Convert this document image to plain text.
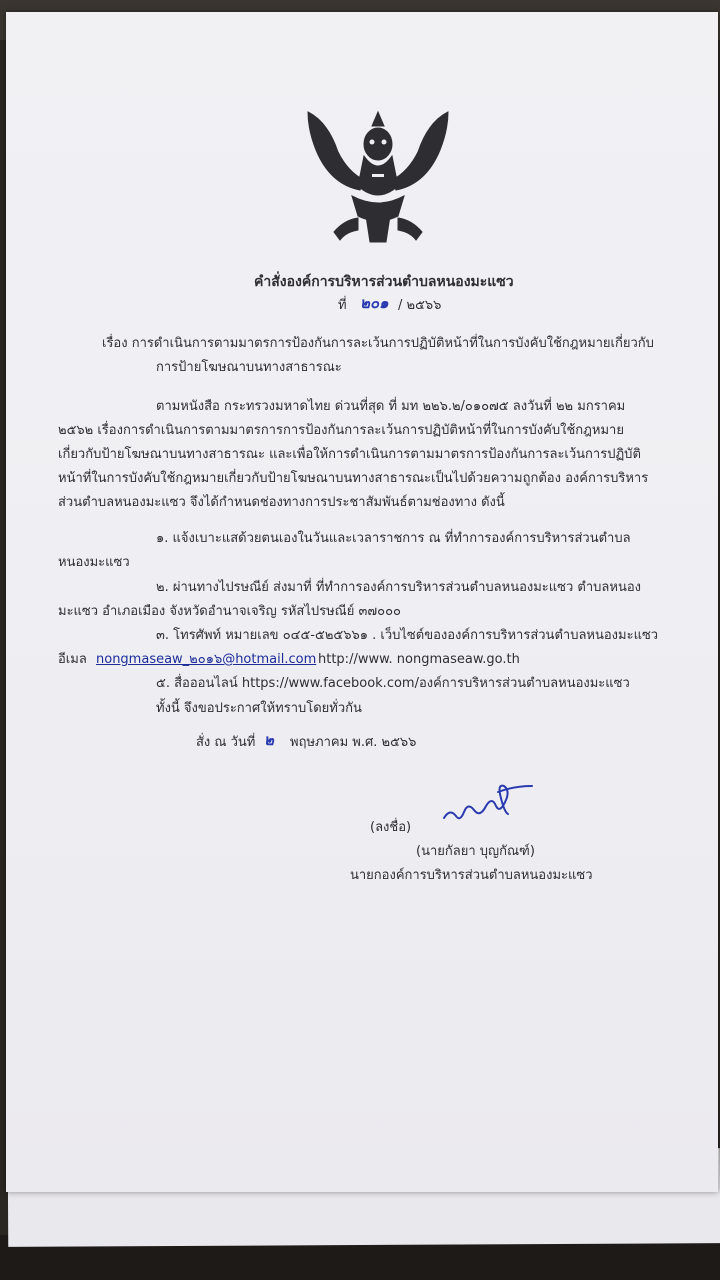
คำสั่งองค์การบริหารส่วนตำบลหนองมะแซว
ที่ ๒๐๑ / ๒๕๖๖
เรื่อง การดำเนินการตามมาตรการป้องกันการละเว้นการปฏิบัติหน้าที่ในการบังคับใช้กฎหมายเกี่ยวกับ
การป้ายโฆษณาบนทางสาธารณะ
ตามหนังสือ กระทรวงมหาดไทย ด่วนที่สุด ที่ มท ๒๒๖.๒/๐๑๐๗๕ ลงวันที่ ๒๒ มกราคม
๒๕๖๒ เรื่องการดำเนินการตามมาตรการการป้องกันการละเว้นการปฏิบัติหน้าที่ในการบังคับใช้กฎหมาย
เกี่ยวกับป้ายโฆษณาบนทางสาธารณะ และเพื่อให้การดำเนินการตามมาตรการป้องกันการละเว้นการปฏิบัติ
หน้าที่ในการบังคับใช้กฎหมายเกี่ยวกับป้ายโฆษณาบนทางสาธารณะเป็นไปด้วยความถูกต้อง องค์การบริหาร
ส่วนตำบลหนองมะแซว จึงได้กำหนดช่องทางการประชาสัมพันธ์ตามช่องทาง ดังนี้
๑. แจ้งเบาะแสด้วยตนเองในวันและเวลาราชการ ณ ที่ทำการองค์การบริหารส่วนตำบล
หนองมะแซว
๒. ผ่านทางไปรษณีย์ ส่งมาที่ ที่ทำการองค์การบริหารส่วนตำบลหนองมะแซว ตำบลหนอง
มะแซว อำเภอเมือง จังหวัดอำนาจเจริญ รหัสไปรษณีย์ ๓๗๐๐๐
๓. โทรศัพท์ หมายเลข ๐๔๕-๕๒๕๖๖๑ . เว็บไซต์ขององค์การบริหารส่วนตำบลหนองมะแซว
อีเมล nongmaseaw_๒๐๑๖@hotmail.com http://www. nongmaseaw.go.th
๕. สื่อออนไลน์ https://www.facebook.com/องค์การบริหารส่วนตำบลหนองมะแซว
ทั้งนี้ จึงขอประกาศให้ทราบโดยทั่วกัน
สั่ง ณ วันที่ ๒ พฤษภาคม พ.ศ. ๒๕๖๖
(ลงชื่อ)
(นายกัลยา บุญกัณฑ์)
นายกองค์การบริหารส่วนตำบลหนองมะแซว
